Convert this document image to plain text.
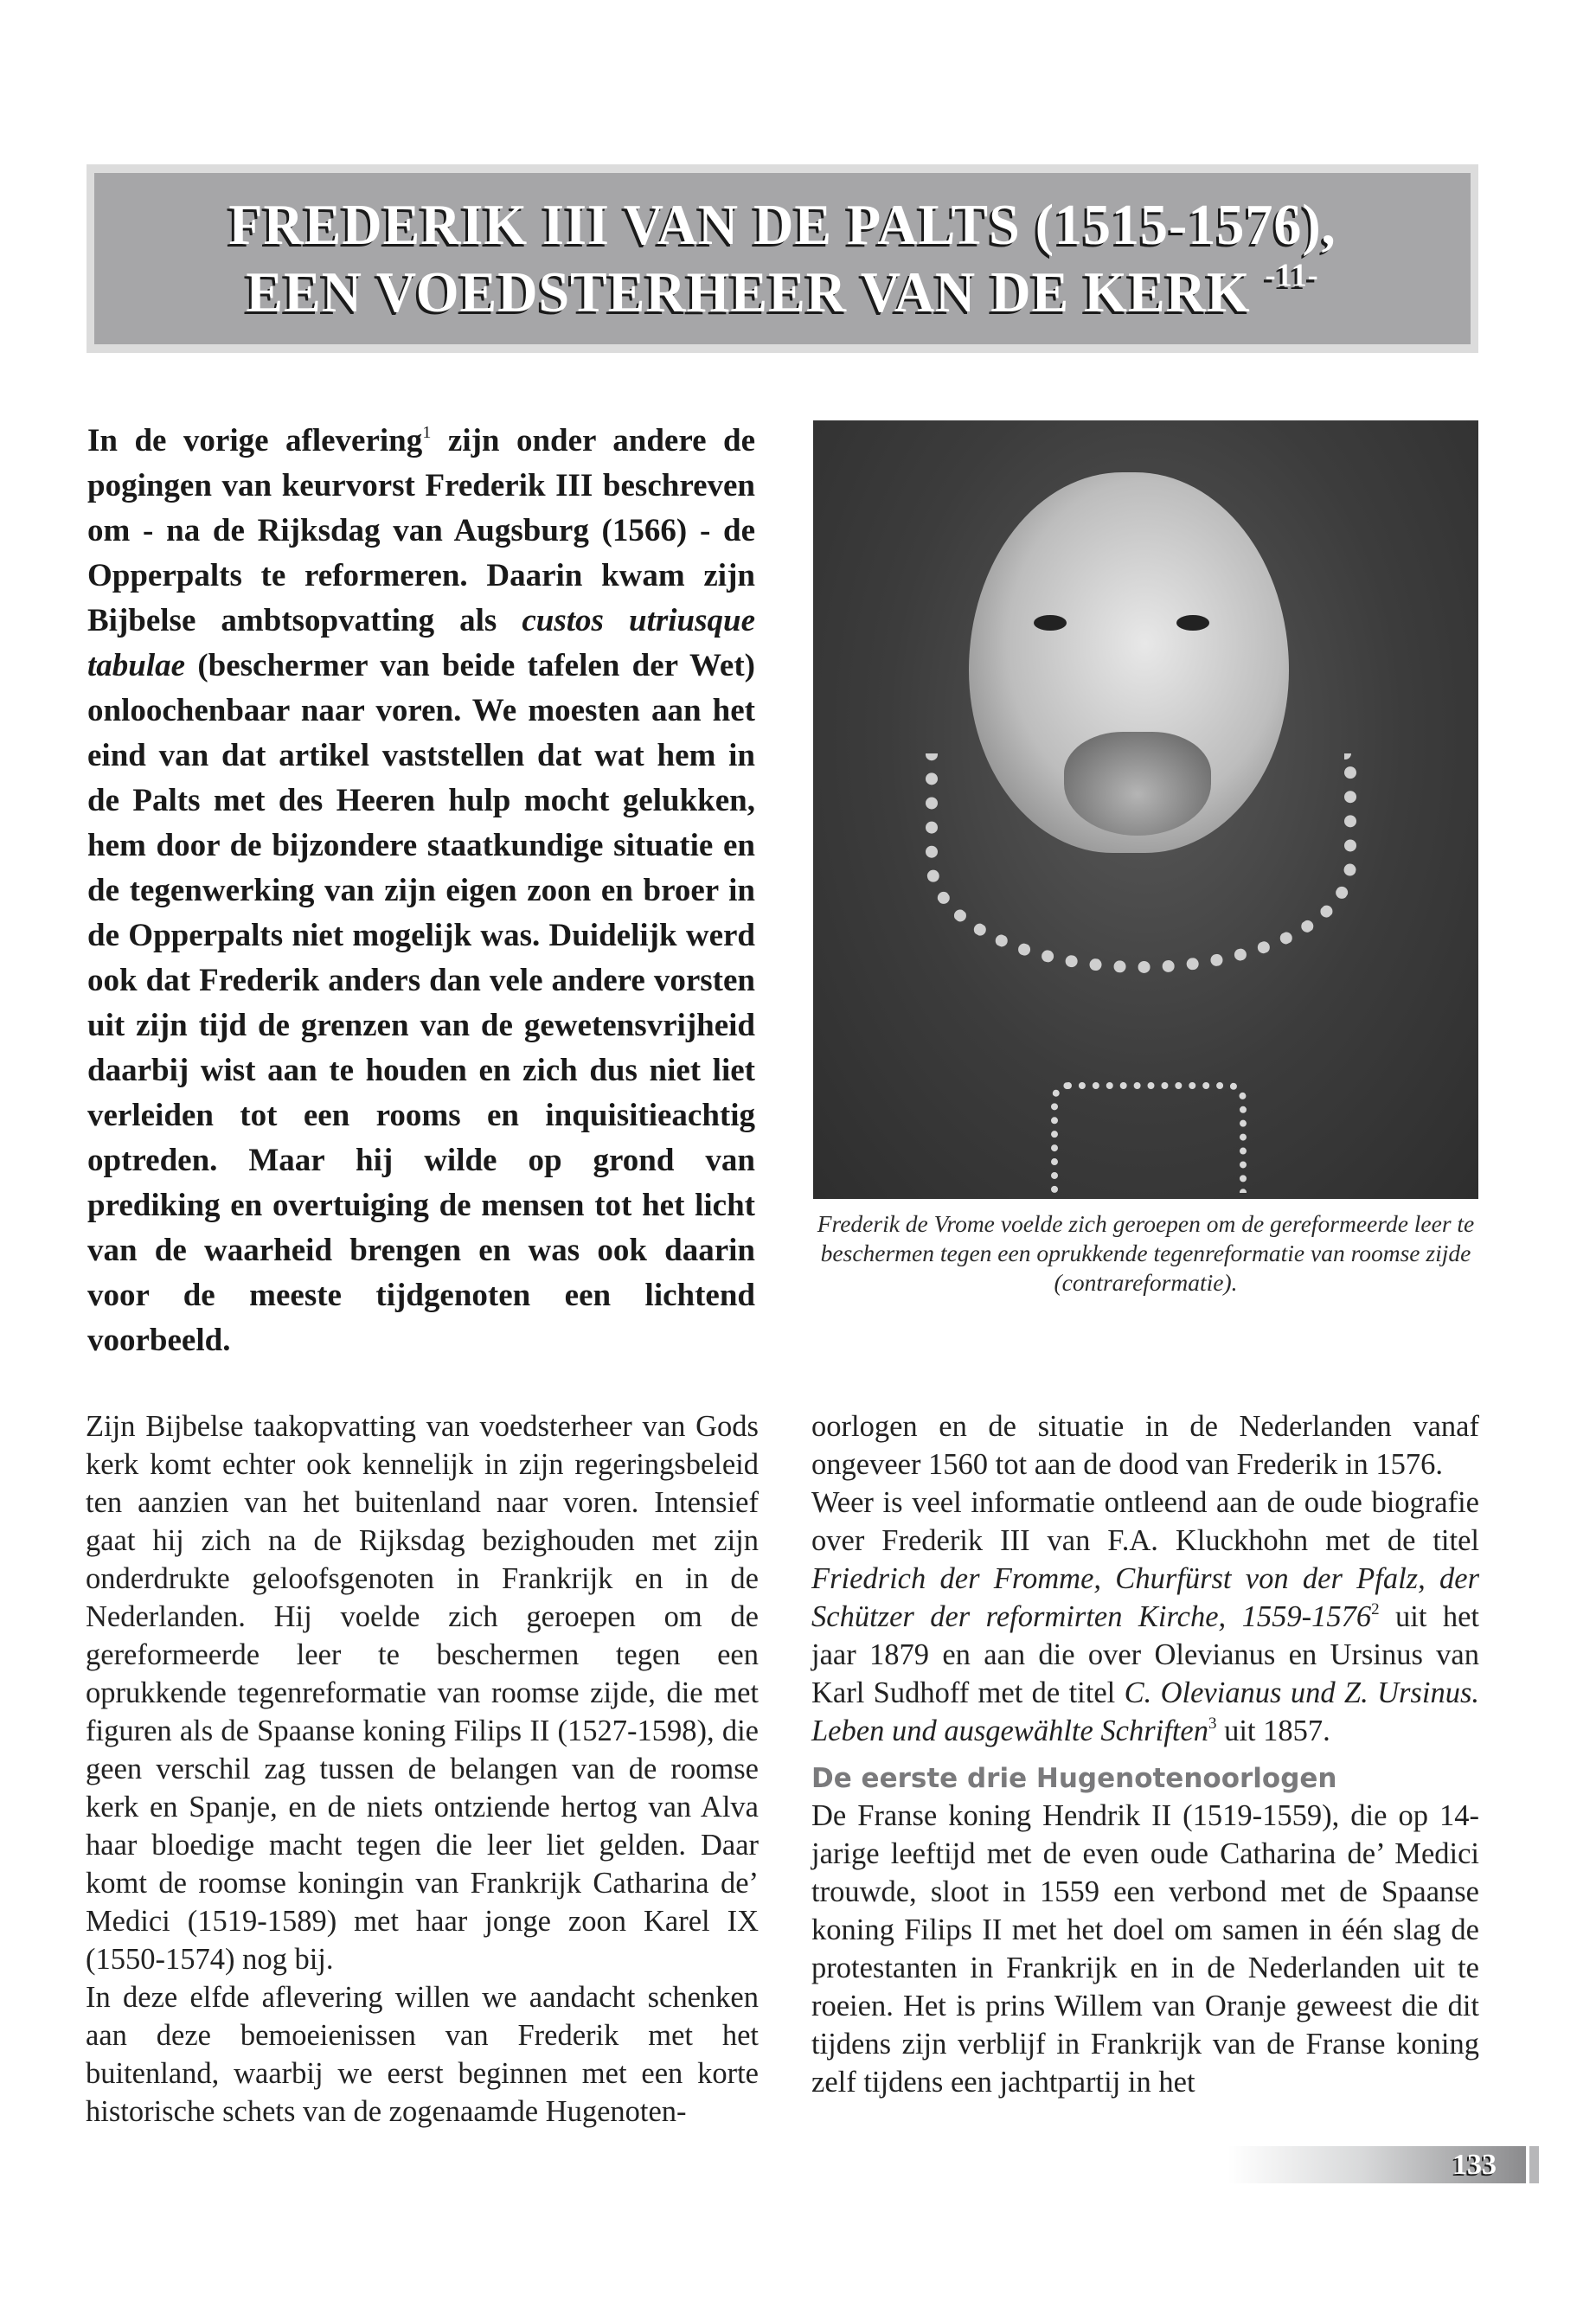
FREDERIK III VAN DE PALTS (1515-1576),
EEN VOEDSTERHEER VAN DE KERK $^{-11-}$
In de vorige aflevering$^1$ zijn onder andere de pogingen van keurvorst Frederik III beschreven om - na de Rijksdag van Augsburg (1566) - de Opperpalts te reformeren. Daarin kwam zijn Bijbelse ambtsopvatting als custos utriusque tabulae (beschermer van beide tafelen der Wet) onloochenbaar naar voren. We moesten aan het eind van dat artikel vaststellen dat wat hem in de Palts met des Heeren hulp mocht gelukken, hem door de bijzondere staatkundige situatie en de tegenwerking van zijn eigen zoon en broer in de Opperpalts niet mogelijk was. Duidelijk werd ook dat Frederik anders dan vele andere vorsten uit zijn tijd de grenzen van de gewetensvrijheid daarbij wist aan te houden en zich dus niet liet verleiden tot een rooms en inquisitieachtig optreden. Maar hij wilde op grond van prediking en overtuiging de mensen tot het licht van de waarheid brengen en was ook daarin voor de meeste tijdgenoten een lichtend voorbeeld.
Frederik de Vrome voelde zich geroepen om de gereformeerde leer te beschermen tegen een oprukkende tegenreformatie van roomse zijde (contrareformatie).

Zijn Bijbelse taakopvatting van voedsterheer van Gods kerk komt echter ook kennelijk in zijn regeringsbeleid ten aanzien van het buitenland naar voren. Intensief gaat hij zich na de Rijksdag bezighouden met zijn onderdrukte geloofsgenoten in Frankrijk en in de Nederlanden. Hij voelde zich geroepen om de gereformeerde leer te beschermen tegen een oprukkende tegenreformatie van roomse zijde, die met figuren als de Spaanse koning Filips II (1527-1598), die geen verschil zag tussen de belangen van de roomse kerk en Spanje, en de niets ontziende hertog van Alva haar bloedige macht tegen die leer liet gelden. Daar komt de roomse koningin van Frankrijk Catharina de’ Medici (1519-1589) met haar jonge zoon Karel IX (1550-1574) nog bij.

In deze elfde aflevering willen we aandacht schenken aan deze bemoeienissen van Frederik met het buitenland, waarbij we eerst beginnen met een korte historische schets van de zogenaamde Hugenoten-

oorlogen en de situatie in de Nederlanden vanaf ongeveer 1560 tot aan de dood van Frederik in 1576.

Weer is veel informatie ontleend aan de oude biografie over Frederik III van F.A. Kluckhohn met de titel Friedrich der Fromme, Churfürst von der Pfalz, der Schützer der reformirten Kirche, 1559-1576$^2$ uit het jaar 1879 en aan die over Olevianus en Ursinus van Karl Sudhoff met de titel C. Olevianus und Z. Ursinus. Leben und ausgewählte Schriften$^3$ uit 1857.

De eerste drie Hugenotenoorlogen

De Franse koning Hendrik II (1519-1559), die op 14-jarige leeftijd met de even oude Catharina de’ Medici trouwde, sloot in 1559 een verbond met de Spaanse koning Filips II met het doel om samen in één slag de protestanten in Frankrijk en in de Nederlanden uit te roeien. Het is prins Willem van Oranje geweest die dit tijdens zijn verblijf in Frankrijk van de Franse koning zelf tijdens een jachtpartij in het

133
